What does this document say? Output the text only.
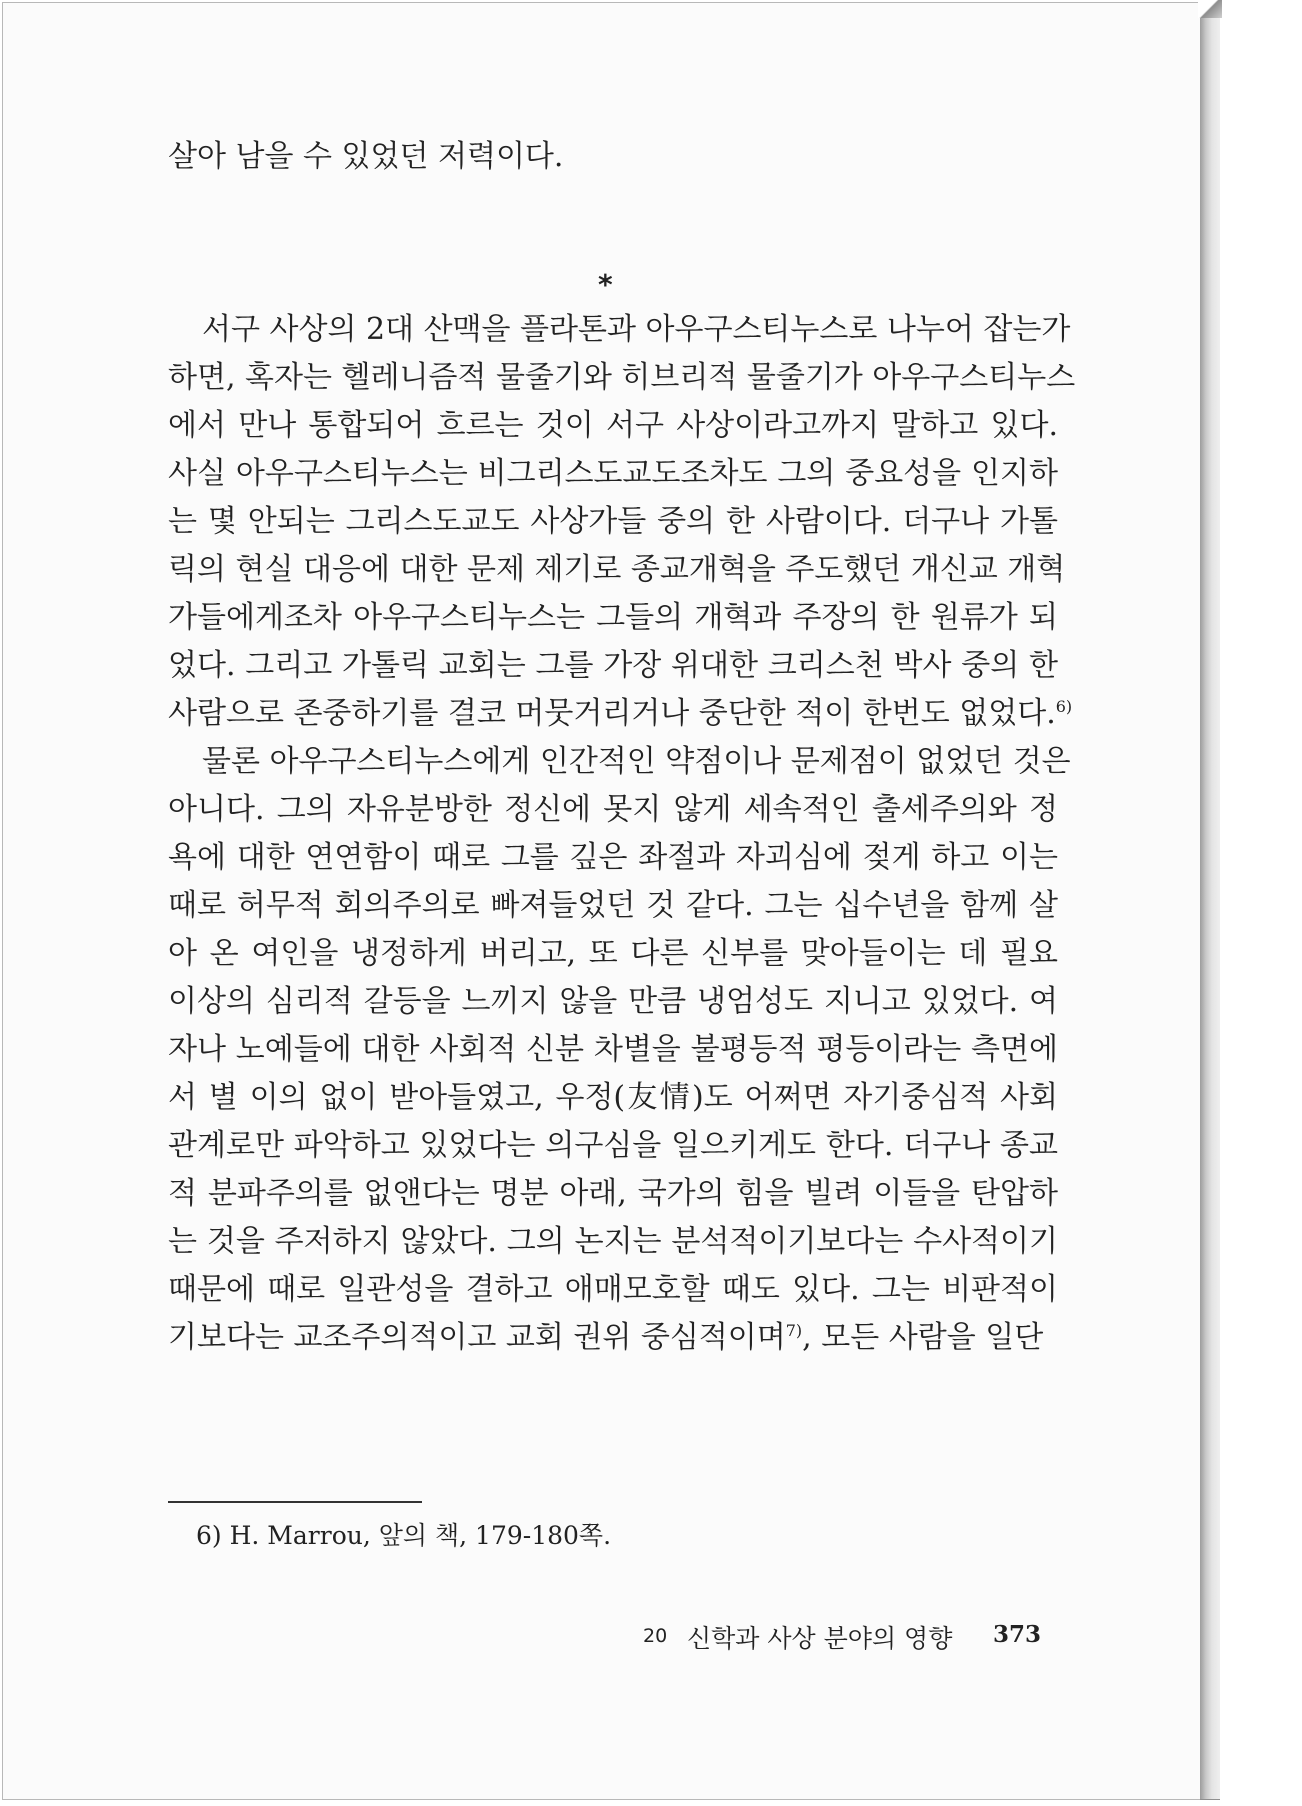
살아 남을 수 있었던 저력이다.
서구 사상의 2대 산맥을 플라톤과 아우구스티누스로 나누어 잡는가
하면, 혹자는 헬레니즘적 물줄기와 히브리적 물줄기가 아우구스티누스
에서 만나 통합되어 흐르는 것이 서구 사상이라고까지 말하고 있다.
사실 아우구스티누스는 비그리스도교도조차도 그의 중요성을 인지하
는 몇 안되는 그리스도교도 사상가들 중의 한 사람이다. 더구나 가톨
릭의 현실 대응에 대한 문제 제기로 종교개혁을 주도했던 개신교 개혁
가들에게조차 아우구스티누스는 그들의 개혁과 주장의 한 원류가 되
었다. 그리고 가톨릭 교회는 그를 가장 위대한 크리스천 박사 중의 한
사람으로 존중하기를 결코 머뭇거리거나 중단한 적이 한번도 없었다.$^{6)}$
물론 아우구스티누스에게 인간적인 약점이나 문제점이 없었던 것은
아니다. 그의 자유분방한 정신에 못지 않게 세속적인 출세주의와 정
욕에 대한 연연함이 때로 그를 깊은 좌절과 자괴심에 젖게 하고 이는
때로 허무적 회의주의로 빠져들었던 것 같다. 그는 십수년을 함께 살
아 온 여인을 냉정하게 버리고, 또 다른 신부를 맞아들이는 데 필요
이상의 심리적 갈등을 느끼지 않을 만큼 냉엄성도 지니고 있었다. 여
자나 노예들에 대한 사회적 신분 차별을 불평등적 평등이라는 측면에
서 별 이의 없이 받아들였고, 우정(友情)도 어쩌면 자기중심적 사회
관계로만 파악하고 있었다는 의구심을 일으키게도 한다. 더구나 종교
적 분파주의를 없앤다는 명분 아래, 국가의 힘을 빌려 이들을 탄압하
는 것을 주저하지 않았다. 그의 논지는 분석적이기보다는 수사적이기
때문에 때로 일관성을 결하고 애매모호할 때도 있다. 그는 비판적이
기보다는 교조주의적이고 교회 권위 중심적이며$^{7)}$, 모든 사람을 일단
*
6) H. Marrou, 앞의 책, 179-180쪽.
20 신학과 사상 분야의 영향 373
